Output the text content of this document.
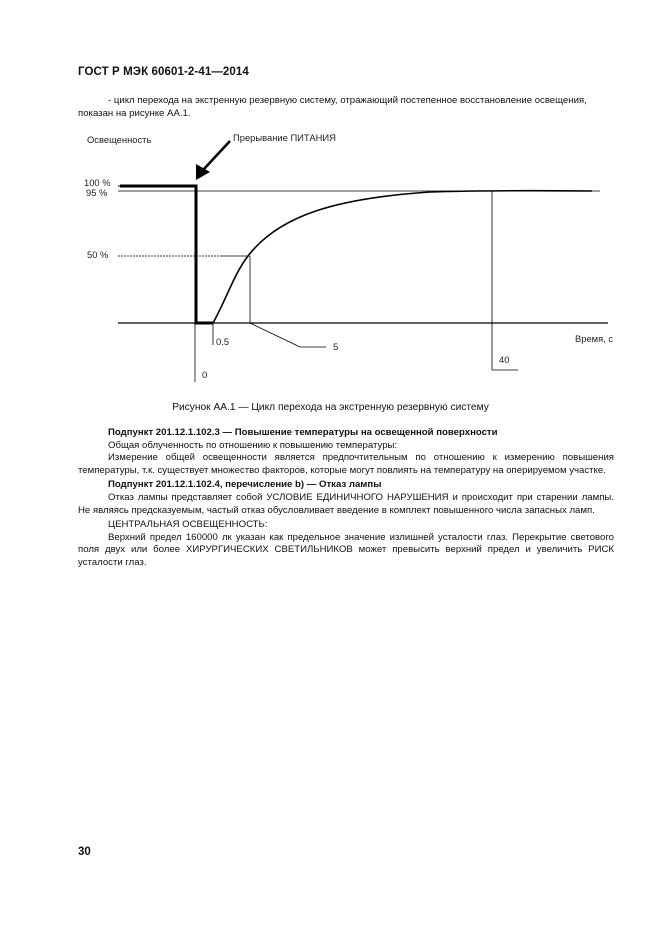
ГОСТ Р МЭК 60601-2-41—2014
- цикл перехода на экстренную резервную систему, отражающий постепенное восстановление освещения,
показан на рисунке АА.1.
Освещенность	Прерывание ПИТАНИЯ
100 %
95 %
50 %
Время, с
0
0.5	5
40
Рисунок АА.1 — Цикл перехода на экстренную резервную систему

Подпункт 201.12.1.102.3 — Повышение температуры на освещенной поверхности

Общая облученность по отношению к повышению температуры:

Измерение общей освещенности является предпочтительным по отношению к измерению повышения температуры, т.к. существует множество факторов, которые могут повлиять на температуру на оперируемом участке.

Подпункт 201.12.1.102.4, перечисление b) — Отказ лампы

Отказ лампы представляет собой УСЛОВИЕ ЕДИНИЧНОГО НАРУШЕНИЯ и происходит при старении лампы. Не являясь предсказуемым, частый отказ обусловливает введение в комплект повышенного числа запасных ламп.

ЦЕНТРАЛЬНАЯ ОСВЕЩЕННОСТЬ:

Верхний предел 160000 лк указан как предельное значение излишней усталости глаз. Перекрытие светового поля двух или более ХИРУРГИЧЕСКИХ СВЕТИЛЬНИКОВ может превысить верхний предел и увеличить РИСК усталости глаз.

30
